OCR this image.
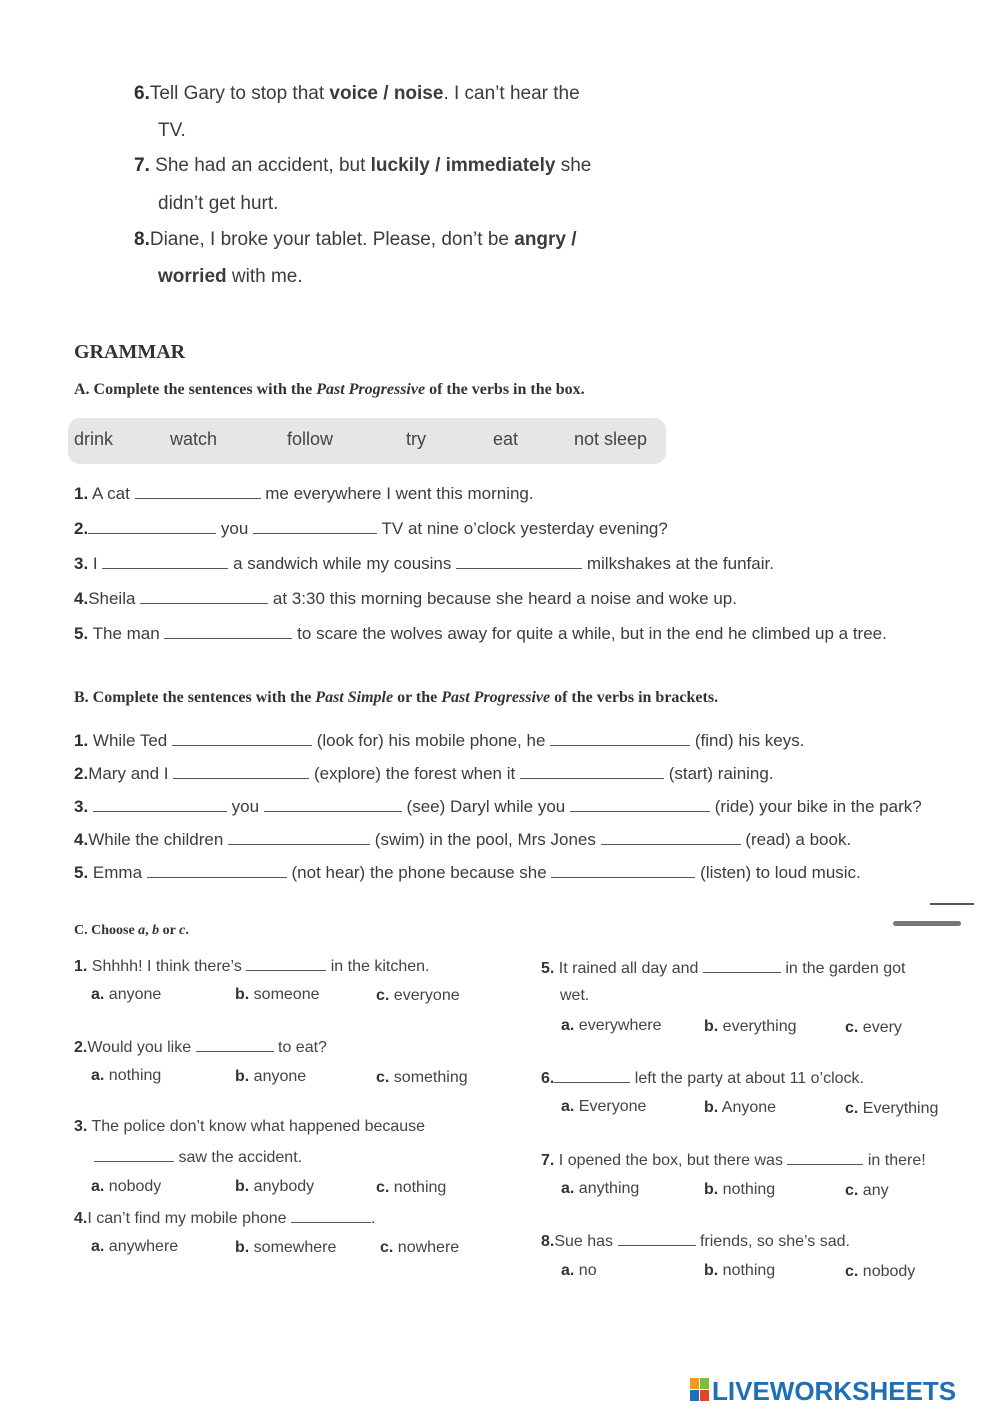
6.Tell Gary to stop that voice / noise. I can’t hear the
TV.
7. She had an accident, but luckily / immediately she
didn’t get hurt.
8.Diane, I broke your tablet. Please, don’t be angry /
worried with me.
GRAMMAR
A. Complete the sentences with the Past Progressive of the verbs in the box.
drink	watch	follow	try	eat	not sleep
1. A cat	me everywhere I went this morning.
2.	you	TV at nine o’clock yesterday evening?
3. I	a sandwich while my cousins	milkshakes at the funfair.
4.Sheila	at 3:30 this morning because she heard a noise and woke up.
5. The man	to scare the wolves away for quite a while, but in the end he climbed up a tree.
B. Complete the sentences with the Past Simple or the Past Progressive of the verbs in brackets.
1. While Ted	(look for) his mobile phone, he	(find) his keys.
2.Mary and I	(explore) the forest when it	(start) raining.
3.	you	(see) Daryl while you	(ride) your bike in the park?
4.While the children	(swim) in the pool, Mrs Jones	(read) a book.
5. Emma	(not hear) the phone because she	(listen) to loud music.
C. Choose a, b or c.
1. Shhhh! I think there’s	in the kitchen.
a. anyone	b. someone	c. everyone
2.Would you like	to eat?
a. nothing	b. anyone	c. something
3. The police don’t know what happened because
saw the accident.
a. nobody	b. anybody	c. nothing
4.I can’t find my mobile phone	.
a. anywhere	b. somewhere	c. nowhere
5. It rained all day and	in the garden got
wet.
a. everywhere	b. everything	c. every
6.	left the party at about 11 o’clock.
a. Everyone	b. Anyone	c. Everything
7. I opened the box, but there was	in there!
a. anything	b. nothing	c. any
8.Sue has	friends, so she’s sad.
a. no	b. nothing	c. nobody
LIVEWORKSHEETS
